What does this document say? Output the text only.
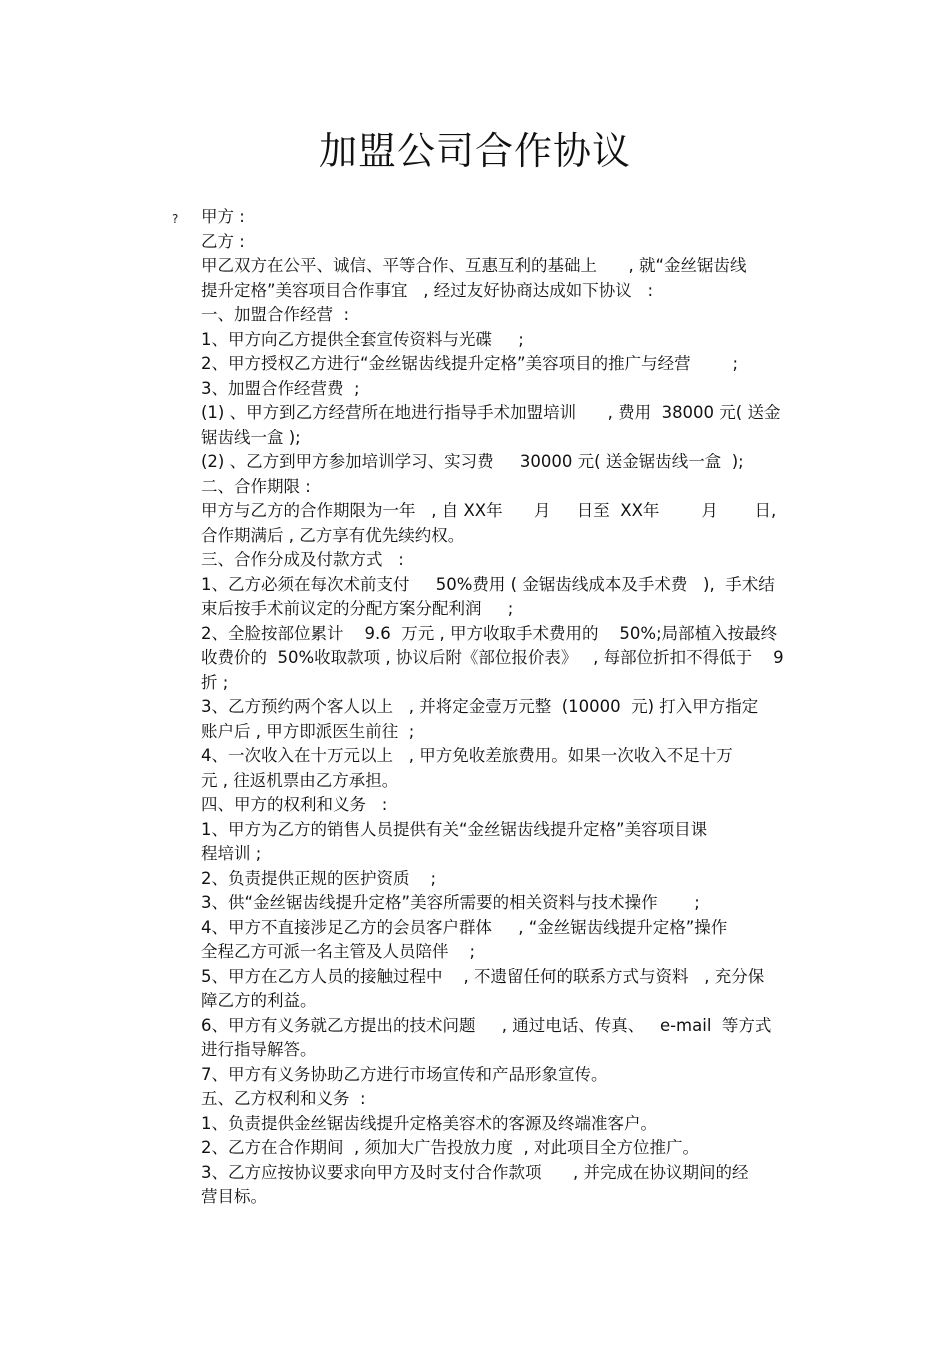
加盟公司合作协议
? 甲方 :
乙方 :
甲乙双方在公平、诚信、平等合作、互惠互利的基础上      , 就“金丝锯齿线
提升定格”美容项目合作事宜   , 经过友好协商达成如下协议   :
一、加盟合作经营  :
1、甲方向乙方提供全套宣传资料与光碟     ;
2、甲方授权乙方进行“金丝锯齿线提升定格”美容项目的推广与经营        ;
3、加盟合作经营费  ;
(1) 、甲方到乙方经营所在地进行指导手术加盟培训      , 费用  38000 元( 送金
锯齿线一盒 );
(2) 、乙方到甲方参加培训学习、实习费     30000 元( 送金锯齿线一盒  );
二、合作期限 :
甲方与乙方的合作期限为一年   , 自 XX年      月     日至  XX年        月       日,
合作期满后 , 乙方享有优先续约权。
三、合作分成及付款方式   :
1、乙方必须在每次术前支付     50%费用 ( 金锯齿线成本及手术费   ),  手术结
束后按手术前议定的分配方案分配利润     ;
2、全脸按部位累计    9.6  万元 , 甲方收取手术费用的    50%;局部植入按最终
收费价的  50%收取款项 , 协议后附《部位报价表》   , 每部位折扣不得低于    9
折 ;
3、乙方预约两个客人以上   , 并将定金壹万元整  (10000  元) 打入甲方指定
账户后 , 甲方即派医生前往  ;
4、一次收入在十万元以上   , 甲方免收差旅费用。如果一次收入不足十万
元 , 往返机票由乙方承担。
四、甲方的权利和义务   :
1、甲方为乙方的销售人员提供有关“金丝锯齿线提升定格”美容项目课
程培训 ;
2、负责提供正规的医护资质    ;
3、供“金丝锯齿线提升定格”美容所需要的相关资料与技术操作       ;
4、甲方不直接涉足乙方的会员客户群体     , “金丝锯齿线提升定格”操作
全程乙方可派一名主管及人员陪伴    ;
5、甲方在乙方人员的接触过程中    , 不遗留任何的联系方式与资料   , 充分保
障乙方的利益。
6、甲方有义务就乙方提出的技术问题     , 通过电话、传真、   e-mail  等方式
进行指导解答。
7、甲方有义务协助乙方进行市场宣传和产品形象宣传。
五、乙方权利和义务  :
1、负责提供金丝锯齿线提升定格美容术的客源及终端准客户。
2、乙方在合作期间  , 须加大广告投放力度  , 对此项目全方位推广。
3、乙方应按协议要求向甲方及时支付合作款项      , 并完成在协议期间的经
营目标。
